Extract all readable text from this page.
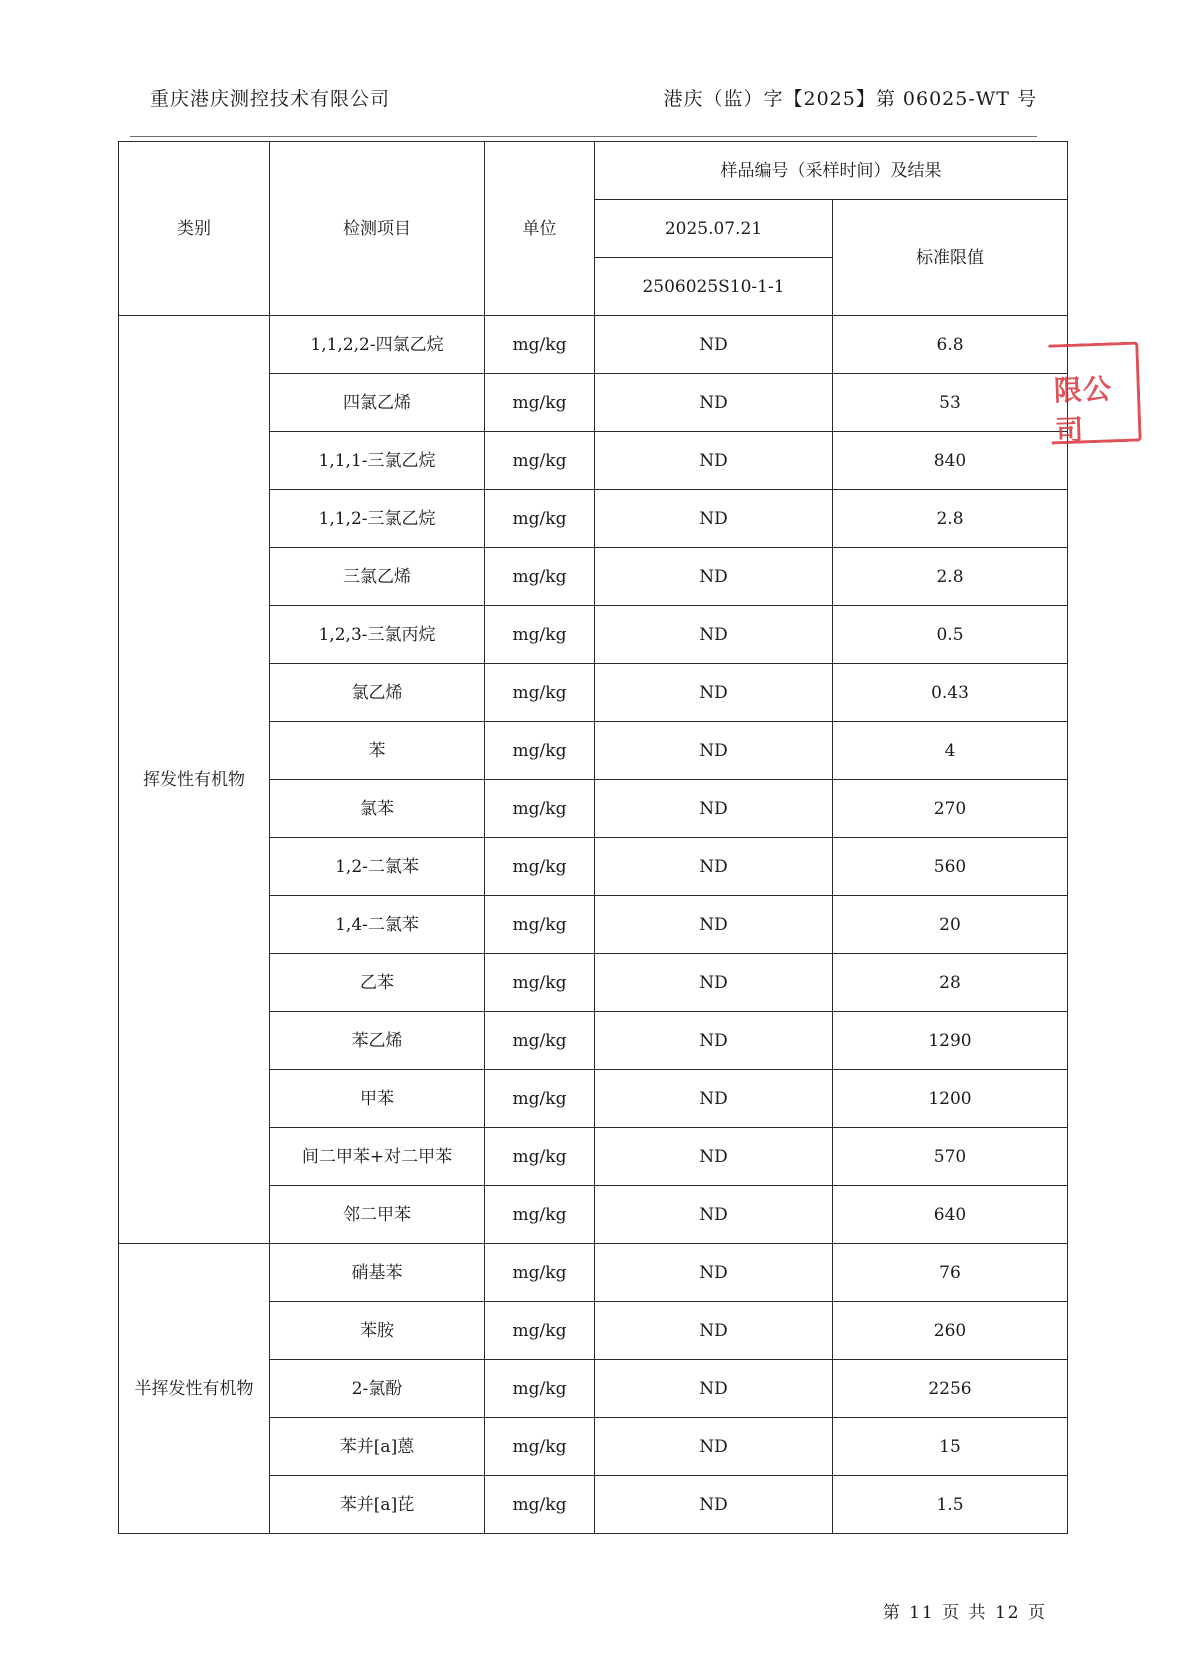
重庆港庆测控技术有限公司	港庆（监）字【2025】第 06025-WT 号
类别	检测项目	单位	样品编号（采样时间）及结果	
			2025.07.21	标准限值
			2506025S10-1-1	
挥发性有机物	1,1,2,2-四氯乙烷	mg/kg	ND	6.8
	四氯乙烯	mg/kg	ND	53
	1,1,1-三氯乙烷	mg/kg	ND	840
	1,1,2-三氯乙烷	mg/kg	ND	2.8
	三氯乙烯	mg/kg	ND	2.8
	1,2,3-三氯丙烷	mg/kg	ND	0.5
	氯乙烯	mg/kg	ND	0.43
	苯	mg/kg	ND	4
	氯苯	mg/kg	ND	270
	1,2-二氯苯	mg/kg	ND	560
	1,4-二氯苯	mg/kg	ND	20
	乙苯	mg/kg	ND	28
	苯乙烯	mg/kg	ND	1290
	甲苯	mg/kg	ND	1200
	间二甲苯+对二甲苯	mg/kg	ND	570
	邻二甲苯	mg/kg	ND	640
半挥发性有机物	硝基苯	mg/kg	ND	76
	苯胺	mg/kg	ND	260
	2-氯酚	mg/kg	ND	2256
	苯并[a]蒽	mg/kg	ND	15
	苯并[a]芘	mg/kg	ND	1.5
限公司
第 11 页 共 12 页
